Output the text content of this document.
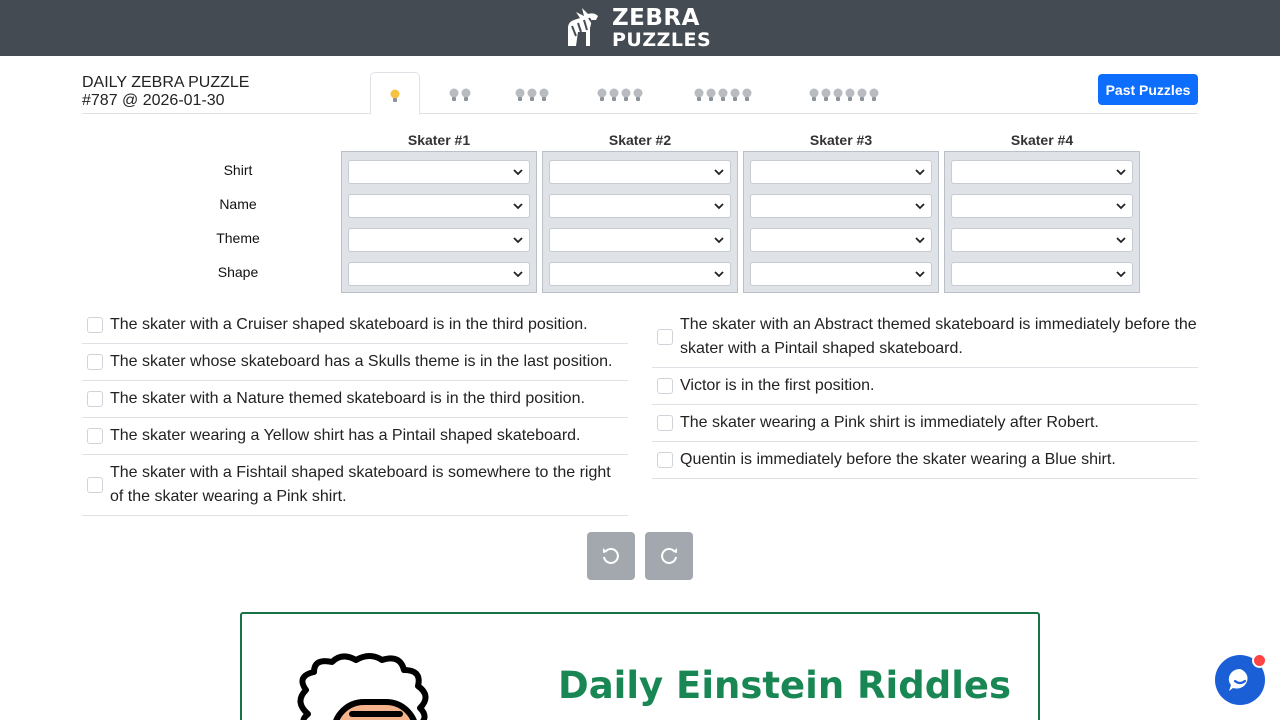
ZEBRA
PUZZLES
DAILY ZEBRA PUZZLE
#787 @ 2026-01-30
Past Puzzles
Skater #1	Skater #2	Skater #3	Skater #4
Shirt
Name
Theme
Shape
The skater with a Cruiser shaped skateboard is in the third position.
The skater whose skateboard has a Skulls theme is in the last position.
The skater with a Nature themed skateboard is in the third position.
The skater wearing a Yellow shirt has a Pintail shaped skateboard.
The skater with a Fishtail shaped skateboard is somewhere to the right of the skater wearing a Pink shirt.
The skater with an Abstract themed skateboard is immediately before the skater with a Pintail shaped skateboard.
Victor is in the first position.
The skater wearing a Pink shirt is immediately after Robert.
Quentin is immediately before the skater wearing a Blue shirt.
Daily Einstein Riddles
